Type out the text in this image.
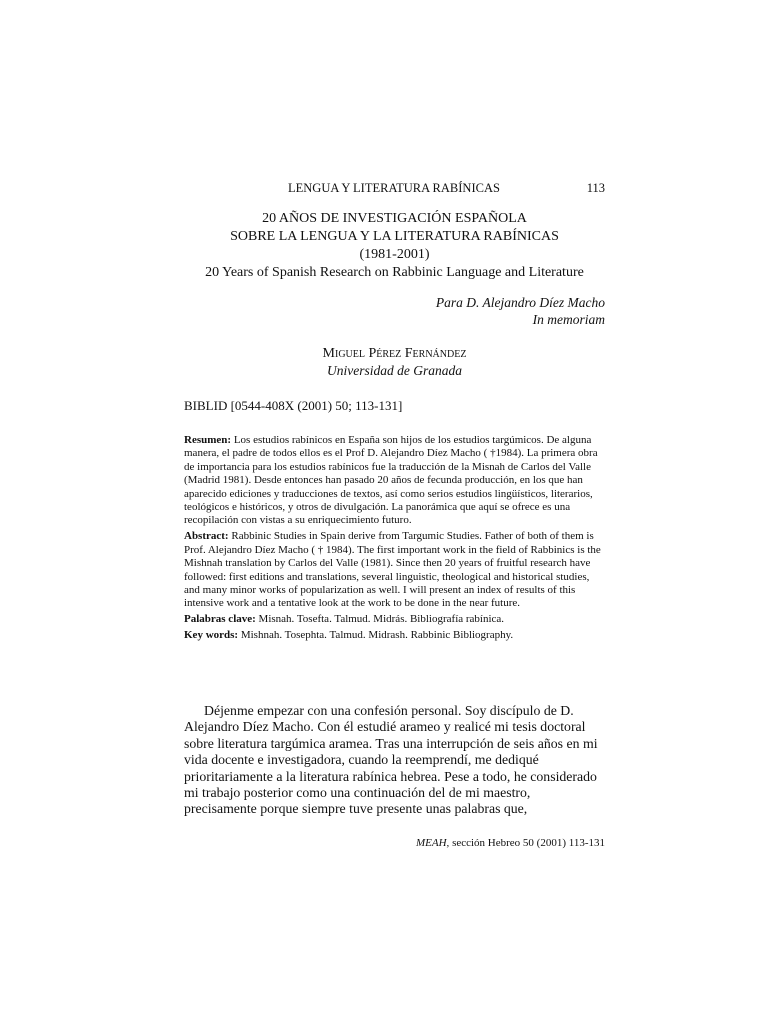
LENGUA Y LITERATURA RABÍNICAS	113
20 AÑOS DE INVESTIGACIÓN ESPAÑOLA
SOBRE LA LENGUA Y LA LITERATURA RABÍNICAS
(1981-2001)
20 Years of Spanish Research on Rabbinic Language and Literature
Para D. Alejandro Díez Macho
In memoriam
Miguel Pérez Fernández
Universidad de Granada
BIBLID [0544-408X (2001) 50; 113-131]

Resumen: Los estudios rabínicos en España son hijos de los estudios targúmicos. De alguna manera, el padre de todos ellos es el Prof D. Alejandro Díez Macho ( †1984). La primera obra de importancia para los estudios rabínicos fue la traducción de la Misnah de Carlos del Valle (Madrid 1981). Desde entonces han pasado 20 años de fecunda producción, en los que han aparecido ediciones y traducciones de textos, así como serios estudios lingüísticos, literarios, teológicos e históricos, y otros de divulgación. La panorámica que aquí se ofrece es una recopilación con vistas a su enriquecimiento futuro.

Abstract: Rabbinic Studies in Spain derive from Targumic Studies. Father of both of them is Prof. Alejandro Díez Macho ( † 1984). The first important work in the field of Rabbinics is the Mishnah translation by Carlos del Valle (1981). Since then 20 years of fruitful research have followed: first editions and translations, several linguistic, theological and historical studies, and many minor works of popularization as well. I will present an index of results of this intensive work and a tentative look at the work to be done in the near future.

Palabras clave: Misnah. Tosefta. Talmud. Midrás. Bibliografía rabínica.

Key words: Mishnah. Tosephta. Talmud. Midrash. Rabbinic Bibliography.

Déjenme empezar con una confesión personal. Soy discípulo de D. Alejandro Díez Macho. Con él estudié arameo y realicé mi tesis doctoral sobre literatura targúmica aramea. Tras una interrupción de seis años en mi vida docente e investigadora, cuando la reemprendí, me dediqué prioritariamente a la literatura rabínica hebrea. Pese a todo, he considerado mi trabajo posterior como una continuación del de mi maestro, precisamente porque siempre tuve presente unas palabras que,

MEAH, sección Hebreo 50 (2001) 113-131
